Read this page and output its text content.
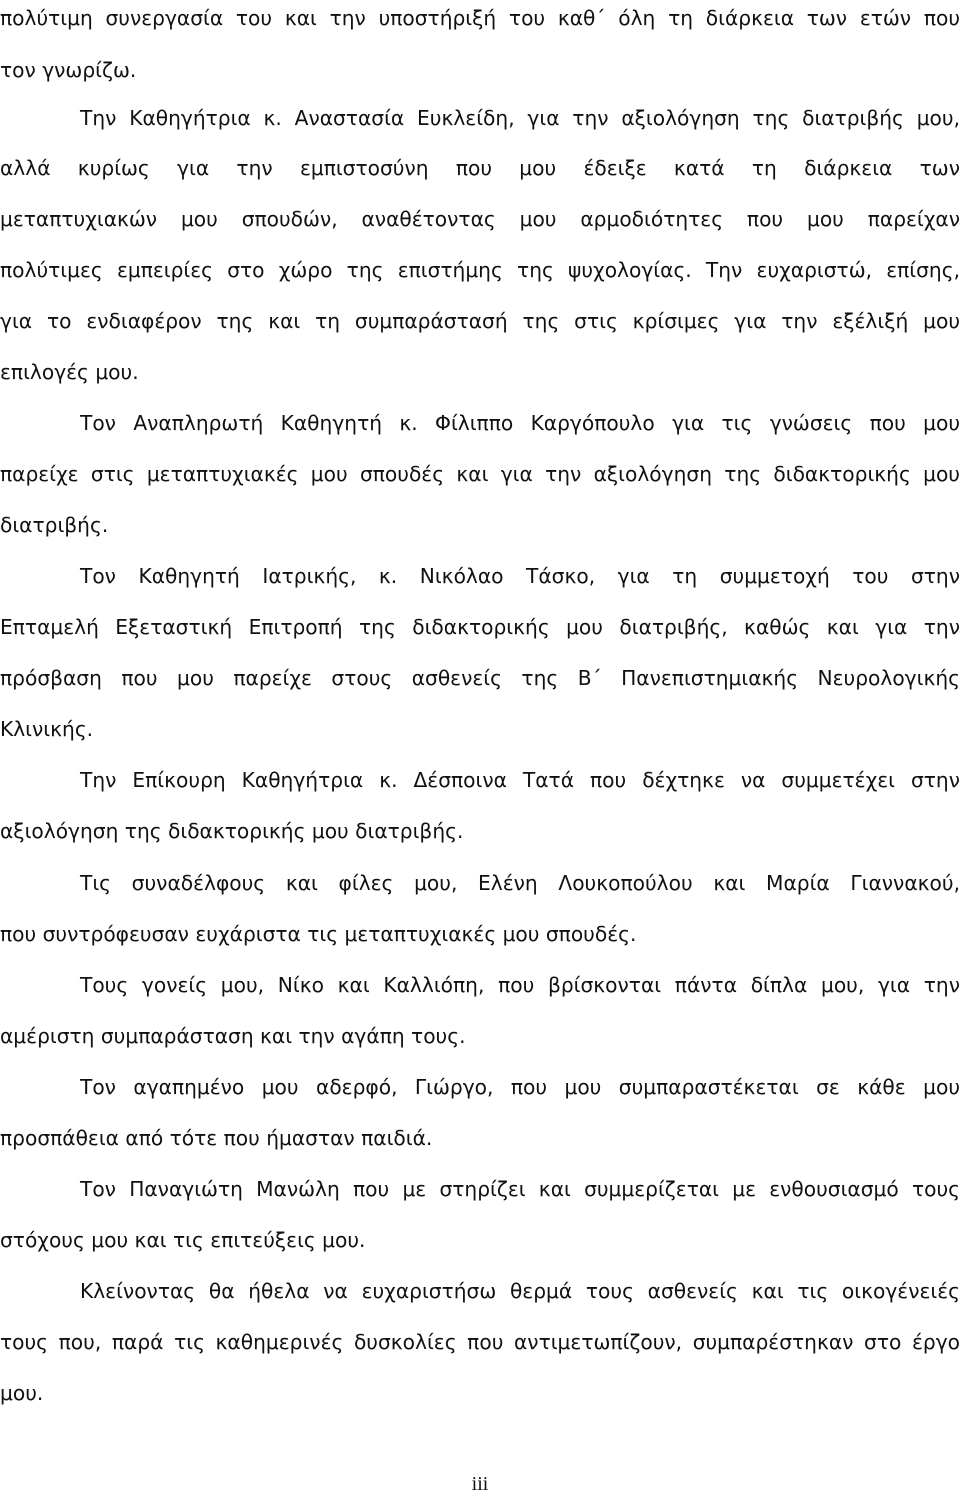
πολύτιμη συνεργασία του και την υποστήριξή του καθ΄ όλη τη διάρκεια των ετών που
τον γνωρίζω.
Την Καθηγήτρια κ. Αναστασία Ευκλείδη, για την αξιολόγηση της διατριβής μου,
αλλά κυρίως για την εμπιστοσύνη που μου έδειξε κατά τη διάρκεια των
μεταπτυχιακών μου σπουδών, αναθέτοντας μου αρμοδιότητες που μου παρείχαν
πολύτιμες εμπειρίες στο χώρο της επιστήμης της ψυχολογίας. Την ευχαριστώ, επίσης,
για το ενδιαφέρον της και τη συμπαράστασή της στις κρίσιμες για την εξέλιξή μου
επιλογές μου.
Τον Αναπληρωτή Καθηγητή κ. Φίλιππο Καργόπουλο για τις γνώσεις που μου
παρείχε στις μεταπτυχιακές μου σπουδές και για την αξιολόγηση της διδακτορικής μου
διατριβής.
Τον Καθηγητή Ιατρικής, κ. Νικόλαο Τάσκο, για τη συμμετοχή του στην
Επταμελή Εξεταστική Επιτροπή της διδακτορικής μου διατριβής, καθώς και για την
πρόσβαση που μου παρείχε στους ασθενείς της Β΄ Πανεπιστημιακής Νευρολογικής
Κλινικής.
Την Επίκουρη Καθηγήτρια κ. Δέσποινα Τατά που δέχτηκε να συμμετέχει στην
αξιολόγηση της διδακτορικής μου διατριβής.
Τις συναδέλφους και φίλες μου, Ελένη Λουκοπούλου και Μαρία Γιαννακού,
που συντρόφευσαν ευχάριστα τις μεταπτυχιακές μου σπουδές.
Τους γονείς μου, Νίκο και Καλλιόπη, που βρίσκονται πάντα δίπλα μου, για την
αμέριστη συμπαράσταση και την αγάπη τους.
Τον αγαπημένο μου αδερφό, Γιώργο, που μου συμπαραστέκεται σε κάθε μου
προσπάθεια από τότε που ήμασταν παιδιά.
Τον Παναγιώτη Μανώλη που με στηρίζει και συμμερίζεται με ενθουσιασμό τους
στόχους μου και τις επιτεύξεις μου.
Κλείνοντας θα ήθελα να ευχαριστήσω θερμά τους ασθενείς και τις οικογένειές
τους που, παρά τις καθημερινές δυσκολίες που αντιμετωπίζουν, συμπαρέστηκαν στο έργο
μου.
iii
